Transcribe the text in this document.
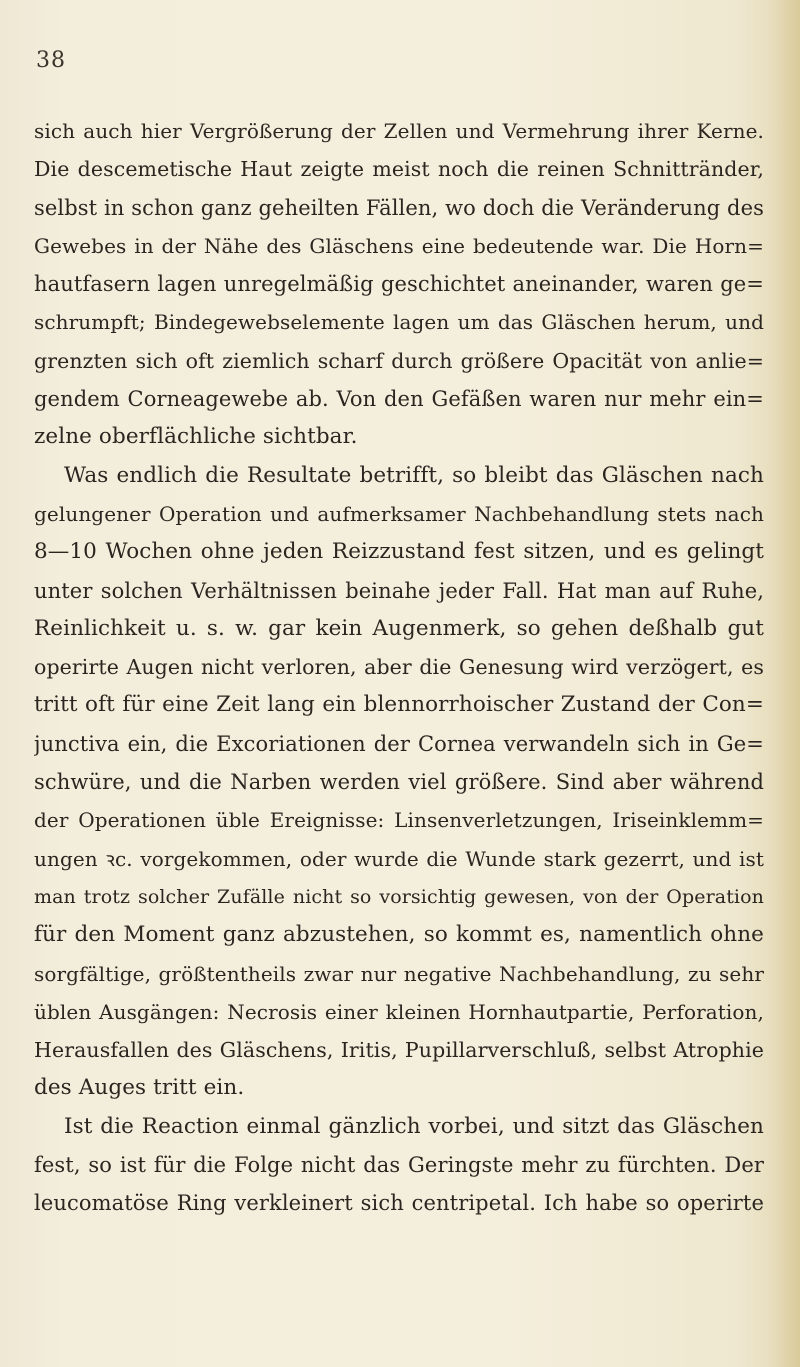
38
sich auch hier Vergrößerung der Zellen und Vermehrung ihrer Kerne.
Die descemetische Haut zeigte meist noch die reinen Schnittränder,
selbst in schon ganz geheilten Fällen, wo doch die Veränderung des
Gewebes in der Nähe des Gläschens eine bedeutende war. Die Horn=
hautfasern lagen unregelmäßig geschichtet aneinander, waren ge=
schrumpft; Bindegewebselemente lagen um das Gläschen herum, und
grenzten sich oft ziemlich scharf durch größere Opacität von anlie=
gendem Corneagewebe ab. Von den Gefäßen waren nur mehr ein=
zelne oberflächliche sichtbar.
Was endlich die Resultate betrifft, so bleibt das Gläschen nach
gelungener Operation und aufmerksamer Nachbehandlung stets nach
8—10 Wochen ohne jeden Reizzustand fest sitzen, und es gelingt
unter solchen Verhältnissen beinahe jeder Fall. Hat man auf Ruhe,
Reinlichkeit u. s. w. gar kein Augenmerk, so gehen deßhalb gut
operirte Augen nicht verloren, aber die Genesung wird verzögert, es
tritt oft für eine Zeit lang ein blennorrhoischer Zustand der Con=
junctiva ein, die Excoriationen der Cornea verwandeln sich in Ge=
schwüre, und die Narben werden viel größere. Sind aber während
der Operationen üble Ereignisse: Linsenverletzungen, Iriseinklemm=
ungen ꝛc. vorgekommen, oder wurde die Wunde stark gezerrt, und ist
man trotz solcher Zufälle nicht so vorsichtig gewesen, von der Operation
für den Moment ganz abzustehen, so kommt es, namentlich ohne
sorgfältige, größtentheils zwar nur negative Nachbehandlung, zu sehr
üblen Ausgängen: Necrosis einer kleinen Hornhautpartie, Perforation,
Herausfallen des Gläschens, Iritis, Pupillarverschluß, selbst Atrophie
des Auges tritt ein.
Ist die Reaction einmal gänzlich vorbei, und sitzt das Gläschen
fest, so ist für die Folge nicht das Geringste mehr zu fürchten. Der
leucomatöse Ring verkleinert sich centripetal. Ich habe so operirte
